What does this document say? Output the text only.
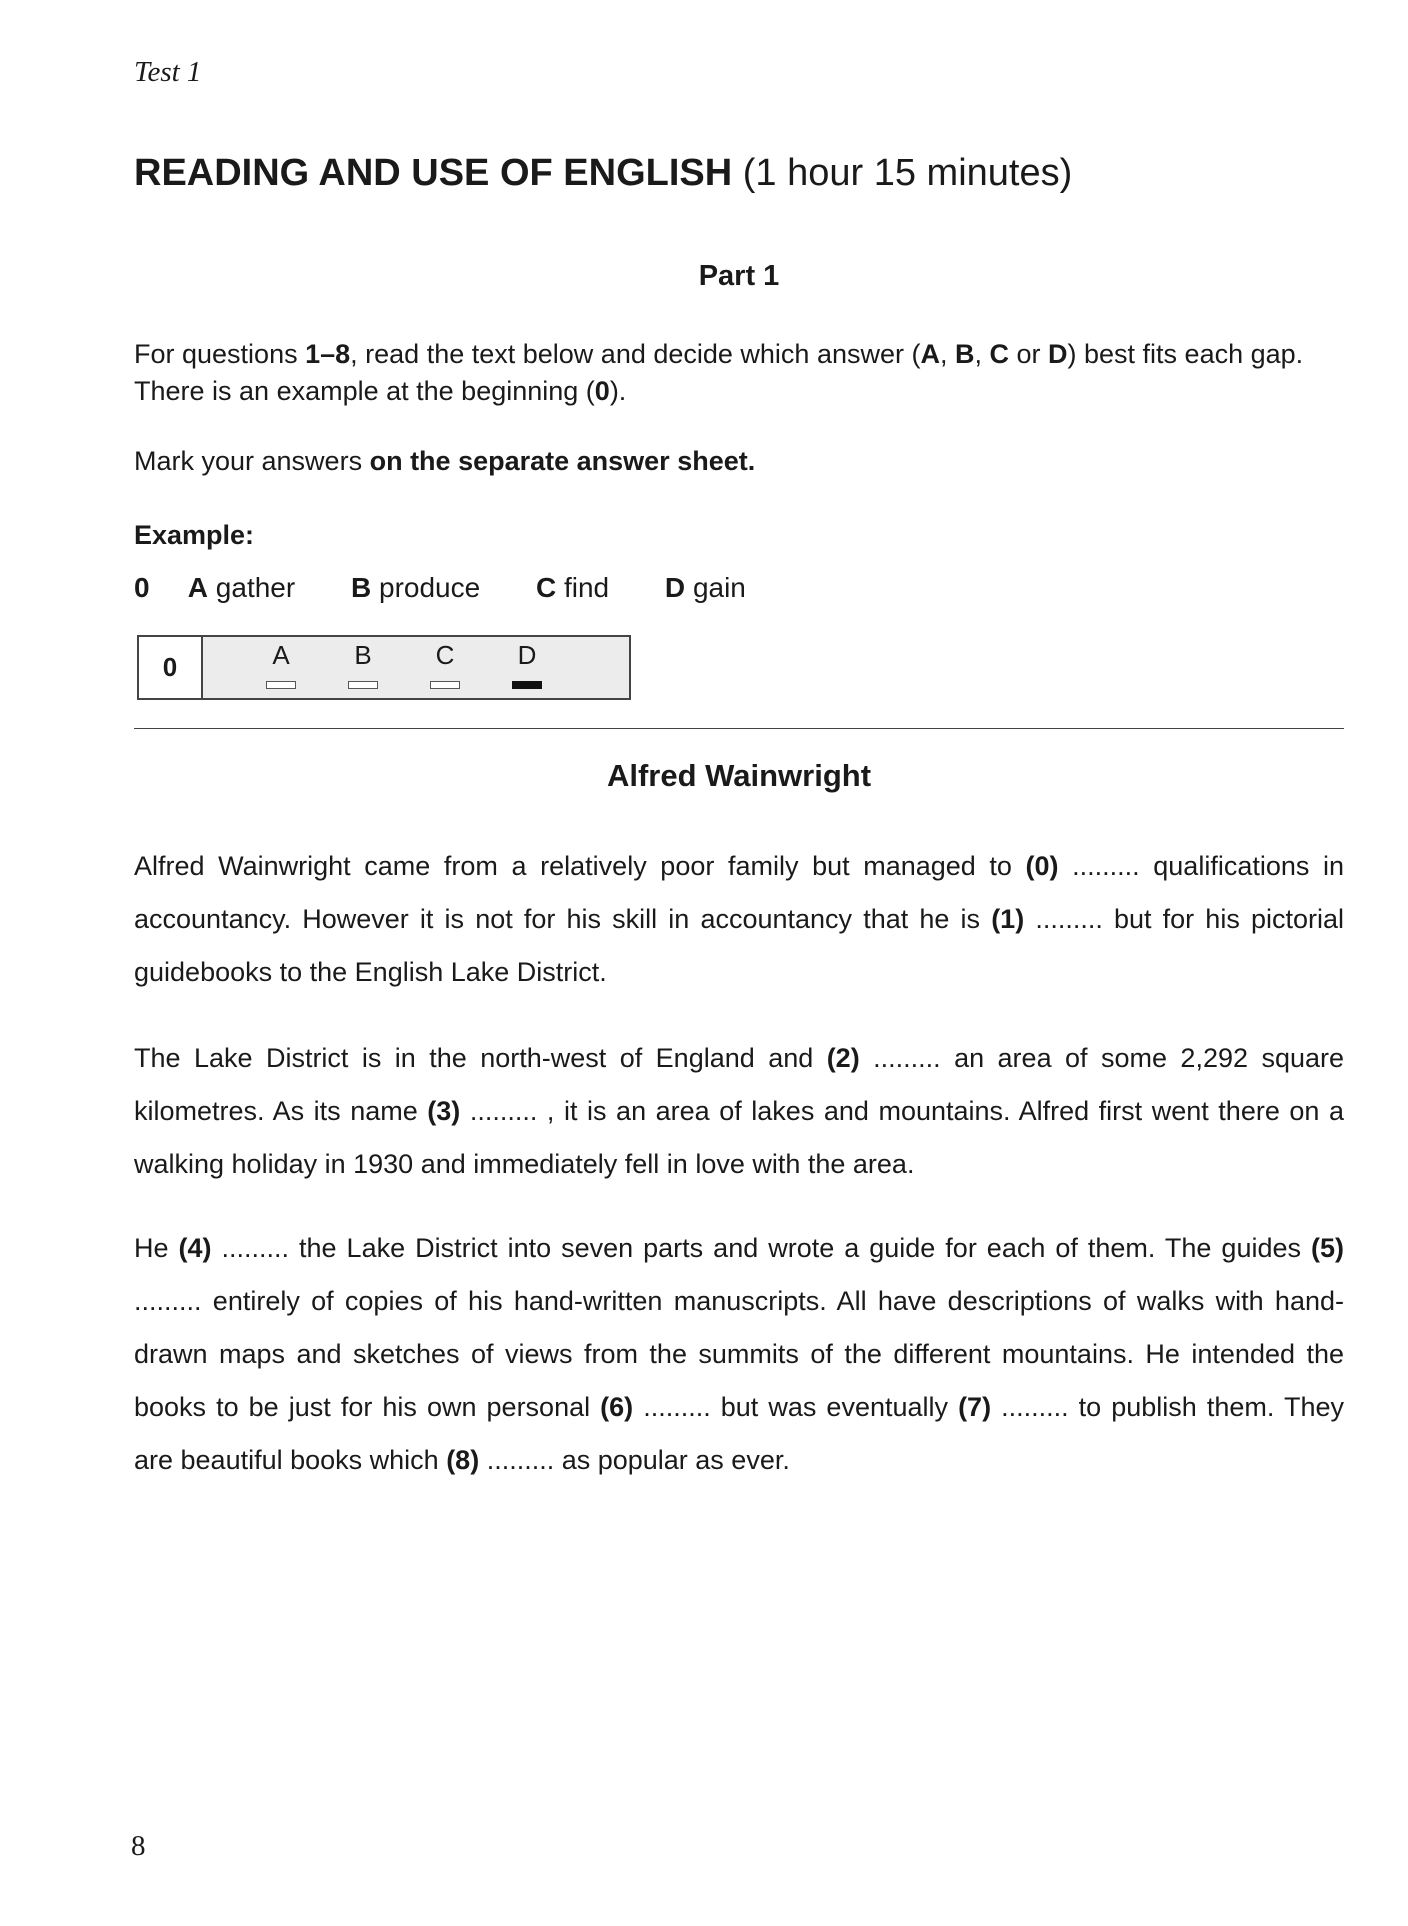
Test 1
READING AND USE OF ENGLISH (1 hour 15 minutes)
Part 1
For questions 1–8, read the text below and decide which answer (A, B, C or D) best fits each gap. There is an example at the beginning (0).
Mark your answers on the separate answer sheet.
Example:
0 A gather B produce C find D gain
0	A	B	C	D
Alfred Wainwright
Alfred Wainwright came from a relatively poor family but managed to (0) ......... qualifications in accountancy. However it is not for his skill in accountancy that he is (1) ......... but for his pictorial guidebooks to the English Lake District.
The Lake District is in the north-west of England and (2) ......... an area of some 2,292 square kilometres. As its name (3) ......... , it is an area of lakes and mountains. Alfred first went there on a walking holiday in 1930 and immediately fell in love with the area.
He (4) ......... the Lake District into seven parts and wrote a guide for each of them. The guides (5) ......... entirely of copies of his hand-written manuscripts. All have descriptions of walks with hand-drawn maps and sketches of views from the summits of the different mountains. He intended the books to be just for his own personal (6) ......... but was eventually (7) ......... to publish them. They are beautiful books which (8) ......... as popular as ever.
8
